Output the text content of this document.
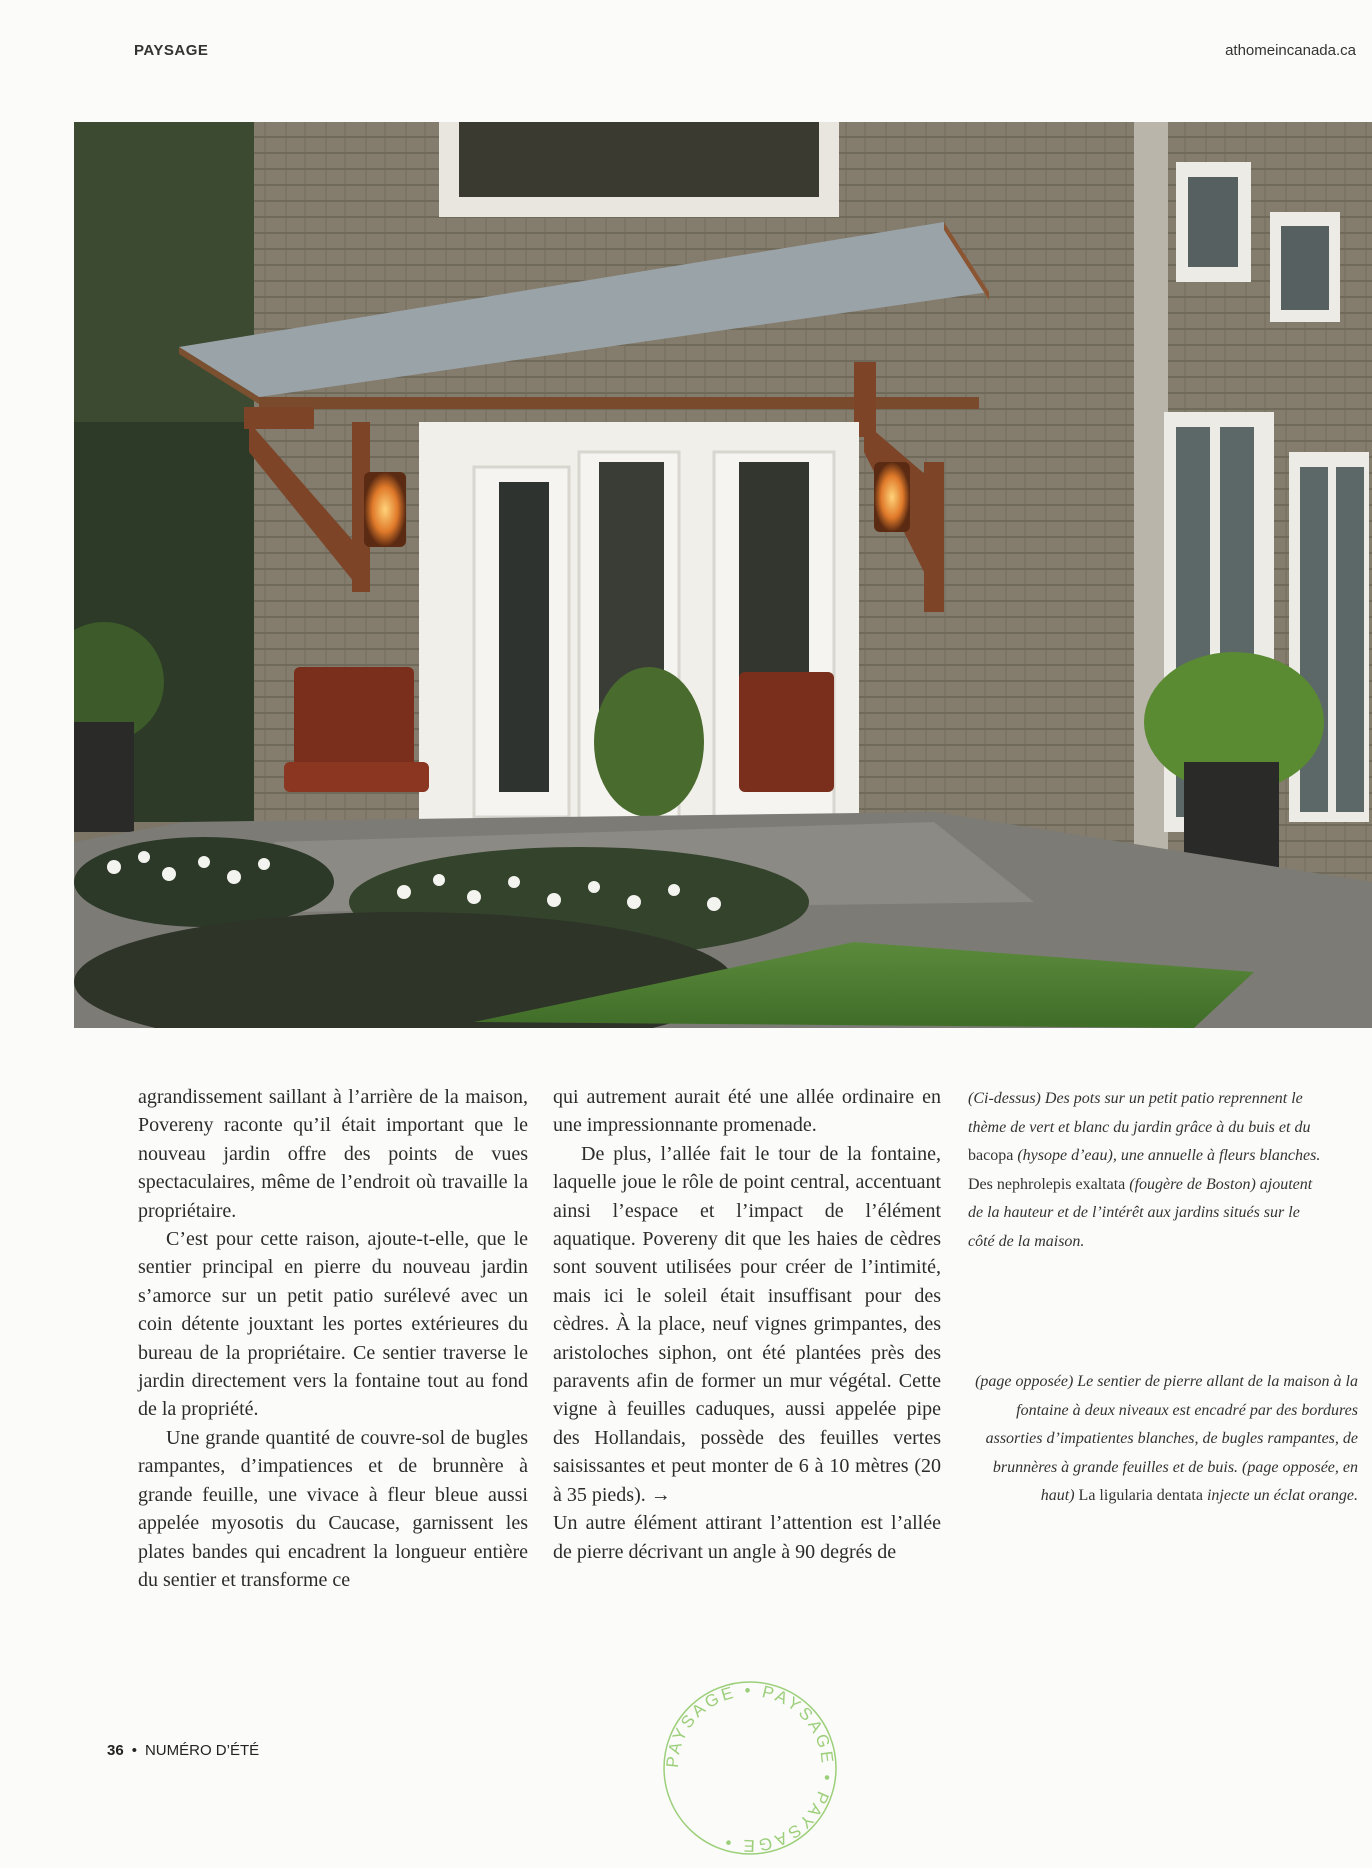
PAYSAGE	athomeincanada.ca

agrandissement saillant à l’arrière de la maison, Povereny raconte qu’il était important que le nouveau jardin offre des points de vues spectaculaires, même de l’endroit où travaille la propriétaire.

C’est pour cette raison, ajoute-t-elle, que le sentier principal en pierre du nouveau jardin s’amorce sur un petit patio surélevé avec un coin détente jouxtant les portes extérieures du bureau de la propriétaire. Ce sentier traverse le jardin directement vers la fontaine tout au fond de la propriété.

Une grande quantité de couvre-sol de bugles rampantes, d’impatiences et de brunnère à grande feuille, une vivace à fleur bleue aussi appelée myosotis du Caucase, garnissent les plates bandes qui encadrent la longueur entière du sentier et transforme ce

qui autrement aurait été une allée ordinaire en une impressionnante promenade.

De plus, l’allée fait le tour de la fontaine, laquelle joue le rôle de point central, accentuant ainsi l’espace et l’impact de l’élément aquatique. Povereny dit que les haies de cèdres sont souvent utilisées pour créer de l’intimité, mais ici le soleil était insuffisant pour des cèdres. À la place, neuf vignes grimpantes, des aristoloches siphon, ont été plantées près des paravents afin de former un mur végétal. Cette vigne à feuilles caduques, aussi appelée pipe des Hollandais, possède des feuilles vertes saisissantes et peut monter de 6 à 10 mètres (20 à 35 pieds). →

Un autre élément attirant l’attention est l’allée de pierre décrivant un angle à 90 degrés de

(Ci-dessus) Des pots sur un petit patio reprennent le thème de vert et blanc du jardin grâce à du buis et du bacopa (hysope d’eau), une annuelle à fleurs blanches. Des nephrolepis exaltata (fougère de Boston) ajoutent de la hauteur et de l’intérêt aux jardins situés sur le côté de la maison.
(page opposée) Le sentier de pierre allant de la maison à la fontaine à deux niveaux est encadré par des bordures assorties d’impatientes blanches, de bugles rampantes, de brunnères à grande feuilles et de buis. (page opposée, en haut) La ligularia dentata injecte un éclat orange.
36 • NUMÉRO D’ÉTÉ
PAYSAGE • PAYSAGE • PAYSAGE •
